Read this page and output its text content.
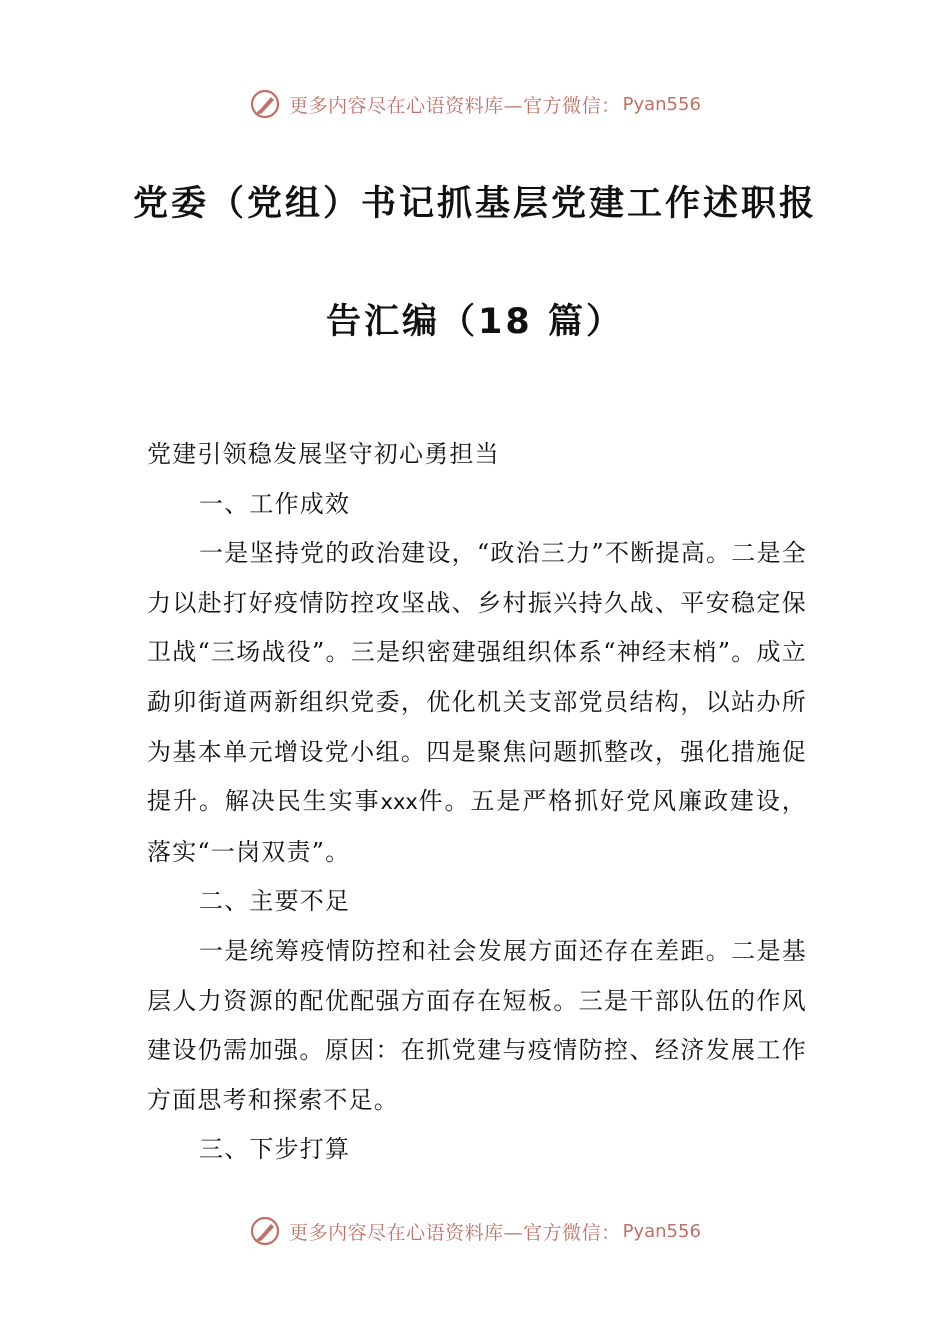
更多内容尽在心语资料库—官方微信： Pyan556
党委（党组）书记抓基层党建工作述职报
告汇编（18 篇）

党建引领稳发展坚守初心勇担当

一、工作成效

一是坚持党的政治建设，“政治三力”不断提高。二是全力以赴打好疫情防控攻坚战、乡村振兴持久战、平安稳定保卫战“三场战役”。三是织密建强组织体系“神经末梢”。成立勐卯街道两新组织党委，优化机关支部党员结构，以站办所为基本单元增设党小组。四是聚焦问题抓整改，强化措施促提升。解决民生实事xxx件。五是严格抓好党风廉政建设，落实“一岗双责”。

二、主要不足

一是统筹疫情防控和社会发展方面还存在差距。二是基层人力资源的配优配强方面存在短板。三是干部队伍的作风建设仍需加强。原因：在抓党建与疫情防控、经济发展工作方面思考和探索不足。

三、下步打算

更多内容尽在心语资料库—官方微信： Pyan556
